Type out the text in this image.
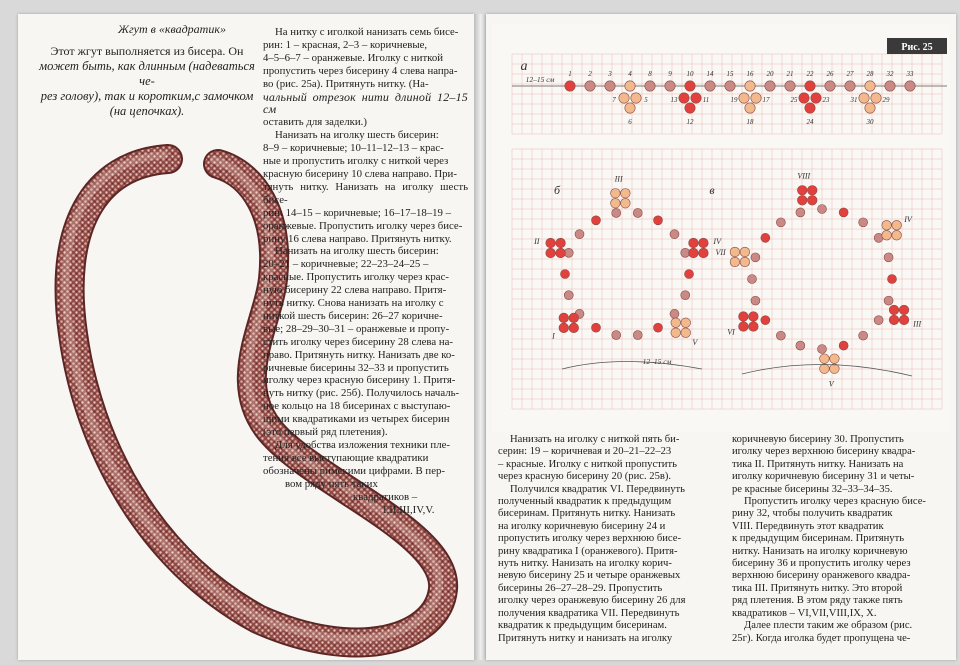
Жгут в «квадратик»
Этот жгут выполняется из бисера. Он
может быть, как длинным (надеваться че-
рез голову), так и коротким,с замочком
(на цепочках).

На нитку с иголкой нанизать семь бисе-

рин: 1 – красная, 2–3 – коричневые,
4–5–6–7 – оранжевые. Иголку с ниткой
пропустить через бисерину 4 слева напра-
во (рис. 25а). Притянуть нитку. (На-
чальный отрезок нити длиной 12–15 см
оставить для заделки.)

Нанизать на иголку шесть бисерин:

8–9 – коричневые; 10–11–12–13 – крас-
ные и пропустить иголку с ниткой через
красную бисерину 10 слева направо. При-
тянуть нитку. Нанизать на иголку шесть бисе-
рин: 14–15 – коричневые; 16–17–18–19 –
оранжевые. Пропустить иголку через бисе-
рину 16 слева направо. Притянуть нитку.

Нанизать на иголку шесть бисерин:

20–21 – коричневые; 22–23–24–25 –
красные. Пропустить иголку через крас-
ную бисерину 22 слева направо. Притя-
нуть нитку. Снова нанизать на иголку с
ниткой шесть бисерин: 26–27 коричне-
вые; 28–29–30–31 – оранжевые и пропу-
стить иголку через бисерину 28 слева на-
право. Притянуть нитку. Нанизать две ко-
ричневые бисерины 32–33 и пропустить
иголку через красную бисерину 1. Притя-
нуть нитку (рис. 25б). Получилось началь-
ное кольцо на 18 бисеринах с выступаю-
щими квадратиками из четырех бисерин
(это первый ряд плетения).

Для удобства изложения техники пле-

тения все выступающие квадратики
обозначены римскими цифрами. В пер-
вом ряду пять таких
квадратиков –
I,II,III,IV,V.
Рис. 25
а
б	в
12–15 см
1 2 3 4 8 9 10 14 15 16 20 21 22 26 27 28 32 33
7
6
5	13
12
11	19
18
17	25
24
23	31
30
29
II
III
IV
V
I
12–15 см
VII
VIII
IV
III
V
VI

Нанизать на иголку с ниткой пять би-

серин: 19 – коричневая и 20–21–22–23
– красные. Иголку с ниткой пропустить
через красную бисерину 20 (рис. 25в).

Получился квадратик VI. Передвинуть

полученный квадратик к предыдущим
бисеринам. Притянуть нитку. Нанизать
на иголку коричневую бисерину 24 и
пропустить иголку через верхнюю бисе-
рину квадратика I (оранжевого). Притя-
нуть нитку. Нанизать на иголку корич-
невую бисерину 25 и четыре оранжевых
бисерины 26–27–28–29. Пропустить
иголку через оранжевую бисерину 26 для
получения квадратика VII. Передвинуть
квадратик к предыдущим бисеринам.
Притянуть нитку и нанизать на иголку
коричневую бисерину 30. Пропустить
иголку через верхнюю бисерину квадра-
тика II. Притянуть нитку. Нанизать на
иголку коричневую бисерину 31 и четы-
ре красные бисерины 32–33–34–35.

Пропустить иголку через красную бисе-

рину 32, чтобы получить квадратик
VIII. Передвинуть этот квадратик
к предыдущим бисеринам. Притянуть
нитку. Нанизать на иголку коричневую
бисерину 36 и пропустить иголку через
верхнюю бисерину оранжевого квадра-
тика III. Притянуть нитку. Это второй
ряд плетения. В этом ряду также пять
квадратиков – VI,VII,VIII,IX, X.

Далее плести таким же образом (рис.

25г). Когда иголка будет пропущена че-
